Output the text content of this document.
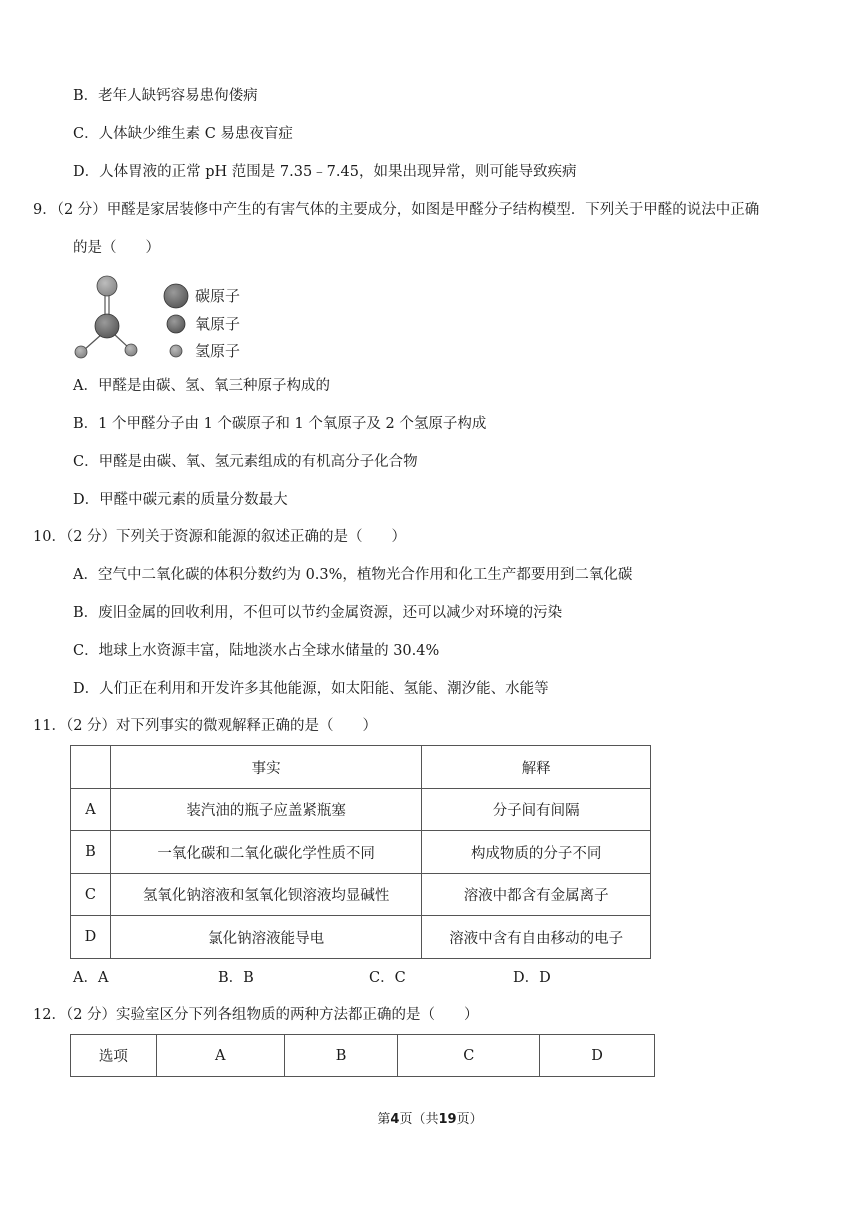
B．老年人缺钙容易患佝偻病
C．人体缺少维生素 C 易患夜盲症
D．人体胃液的正常 pH 范围是 7.35﹣7.45，如果出现异常，则可能导致疾病
9．（2 分）甲醛是家居装修中产生的有害气体的主要成分，如图是甲醛分子结构模型．下列关于甲醛的说法中正确
的是（　　）
碳原子
氧原子
氢原子
A．甲醛是由碳、氢、氧三种原子构成的
B．1 个甲醛分子由 1 个碳原子和 1 个氧原子及 2 个氢原子构成
C．甲醛是由碳、氧、氢元素组成的有机高分子化合物
D．甲醛中碳元素的质量分数最大
10．（2 分）下列关于资源和能源的叙述正确的是（　　）
A．空气中二氧化碳的体积分数约为 0.3%，植物光合作用和化工生产都要用到二氧化碳
B．废旧金属的回收利用，不但可以节约金属资源，还可以减少对环境的污染
C．地球上水资源丰富，陆地淡水占全球水储量的 30.4%
D．人们正在利用和开发许多其他能源，如太阳能、氢能、潮汐能、水能等
11．（2 分）对下列事实的微观解释正确的是（　　）
	事实	解释
A	装汽油的瓶子应盖紧瓶塞	分子间有间隔
B	一氧化碳和二氧化碳化学性质不同	构成物质的分子不同
C	氢氧化钠溶液和氢氧化钡溶液均显碱性	溶液中都含有金属离子
D	氯化钠溶液能导电	溶液中含有自由移动的电子
A．A	B．B	C．C	D．D
12．（2 分）实验室区分下列各组物质的两种方法都正确的是（　　）
选项	A	B	C	D
第4页（共19页）
